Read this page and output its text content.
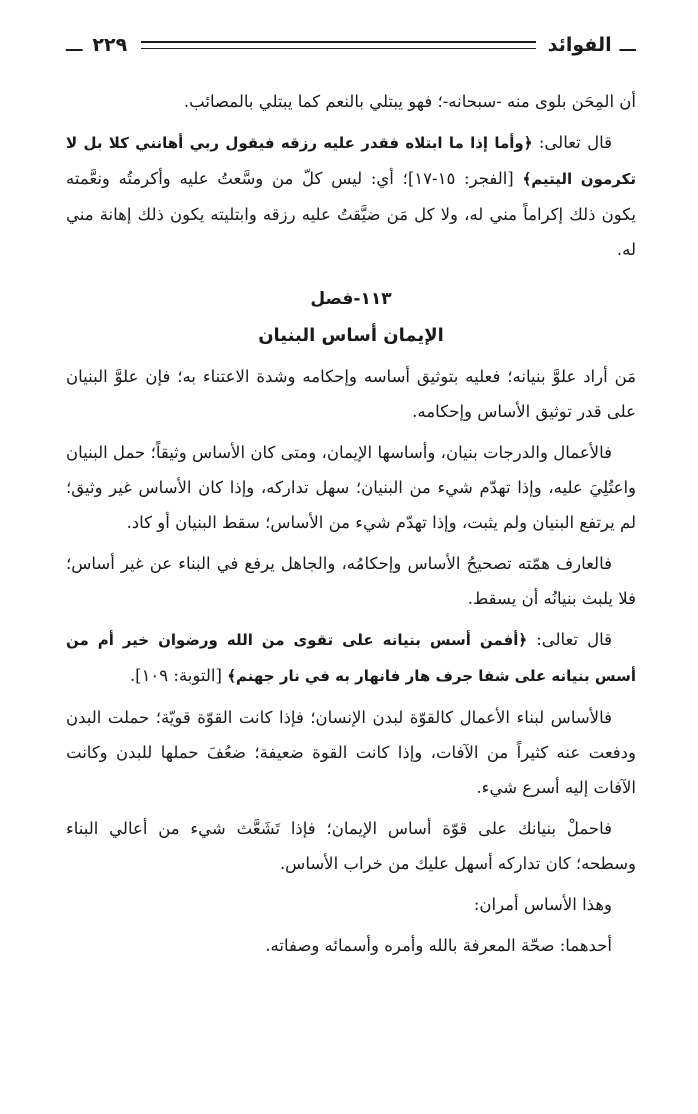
ـــ
الفوائد
٢٢٩
ـــ

أن المِحَن بلوى منه -سبحانه-؛ فهو يبتلي بالنعم كما يبتلي بالمصائب.

قال تعالى: ﴿وأما إذا ما ابتلاه فقدر عليه رزقه فيقول ربي أهانني كلا بل لا تكرمون اليتيم﴾ [الفجر: ١٥-١٧]؛ أي: ليس كلّ من وسَّعتُ عليه وأكرمتُه ونعَّمته يكون ذلك إكراماً مني له، ولا كل مَن ضيَّقتُ عليه رزقه وابتليته يكون ذلك إهانة مني له.

١١٣-فصل
الإيمان أساس البنيان

مَن أراد علوَّ بنيانه؛ فعليه بتوثيق أساسه وإحكامه وشدة الاعتناء به؛ فإن علوَّ البنيان على قدر توثيق الأساس وإحكامه.

فالأعمال والدرجات بنيان، وأساسها الإيمان، ومتى كان الأساس وثيقاً؛ حمل البنيان واعتُلِيَ عليه، وإذا تهدّم شيء من البنيان؛ سهل تداركه، وإذا كان الأساس غير وثيق؛ لم يرتفع البنيان ولم يثبت، وإذا تهدّم شيء من الأساس؛ سقط البنيان أو كاد.

فالعارف همّته تصحيحُ الأساس وإحكامُه، والجاهل يرفع في البناء عن غير أساس؛ فلا يلبث بنيانُه أن يسقط.

قال تعالى: ﴿أفمن أسس بنيانه على تقوى من الله ورضوان خير أم من أسس بنيانه على شفا جرف هار فانهار به في نار جهنم﴾ [التوبة: ١٠٩].

فالأساس لبناء الأعمال كالقوّة لبدن الإنسان؛ فإذا كانت القوّة قويّة؛ حملت البدن ودفعت عنه كثيراً من الآفات، وإذا كانت القوة ضعيفة؛ ضعُفَ حملها للبدن وكانت الآفات إليه أسرع شيء.

فاحملْ بنيانك على قوّة أساس الإيمان؛ فإذا تَشَعَّث شيء من أعالي البناء وسطحه؛ كان تداركه أسهل عليك من خراب الأساس.

وهذا الأساس أمران:

أحدهما: صحّة المعرفة بالله وأمره وأسمائه وصفاته.
